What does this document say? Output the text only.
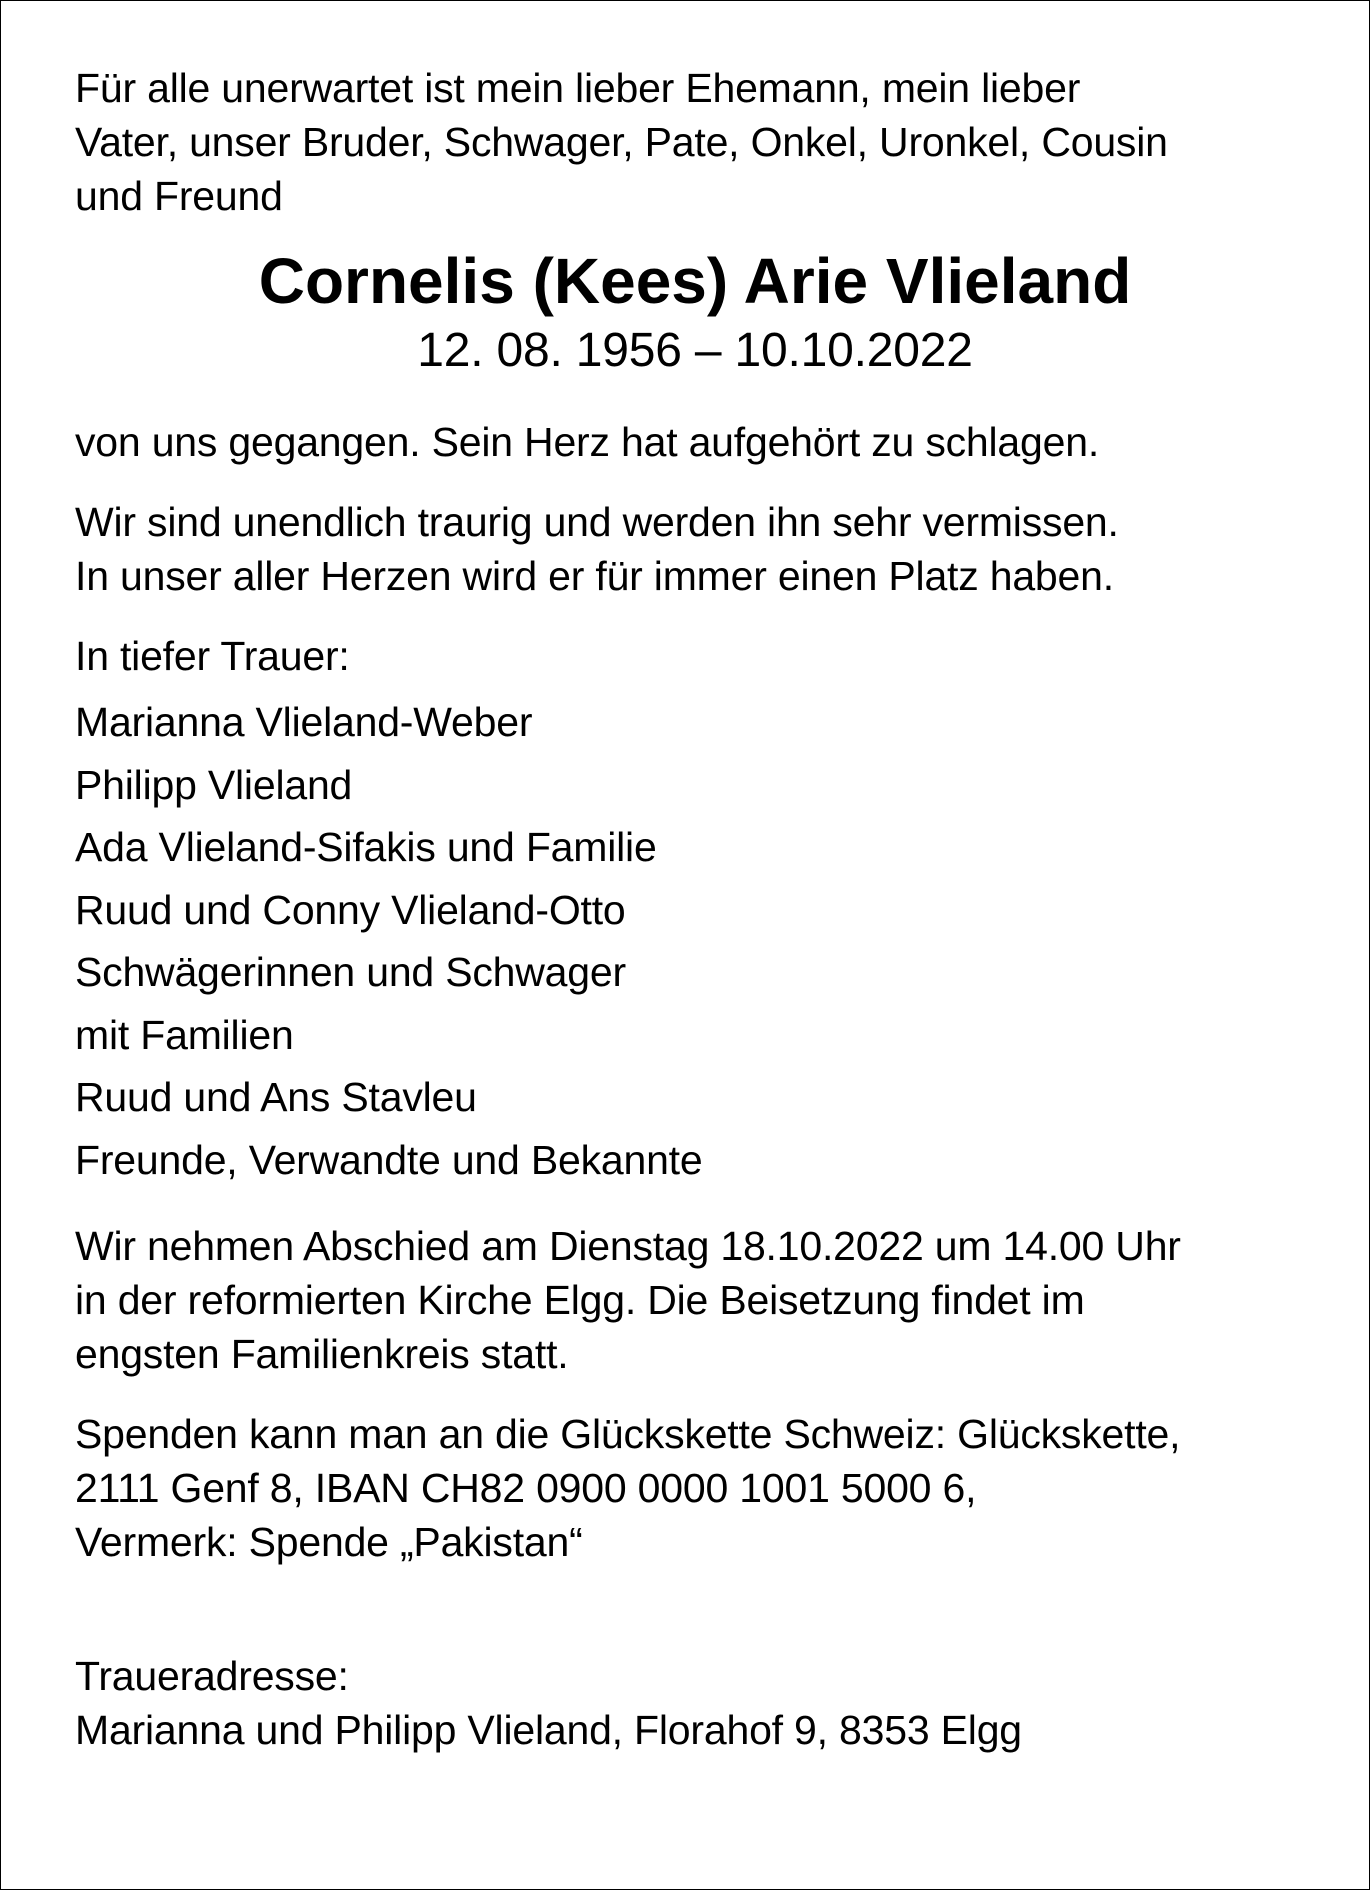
Für alle unerwartet ist mein lieber Ehemann, mein lieber
Vater, unser Bruder, Schwager, Pate, Onkel, Uronkel, Cousin
und Freund
Cornelis (Kees) Arie Vlieland
12. 08. 1956 – 10.10.2022

von uns gegangen. Sein Herz hat aufgehört zu schlagen.

Wir sind unendlich traurig und werden ihn sehr vermissen.
In unser aller Herzen wird er für immer einen Platz haben.

In tiefer Trauer:

Marianna Vlieland-Weber
Philipp Vlieland
Ada Vlieland-Sifakis und Familie
Ruud und Conny Vlieland-Otto
Schwägerinnen und Schwager
mit Familien
Ruud und Ans Stavleu
Freunde, Verwandte und Bekannte
Wir nehmen Abschied am Dienstag 18.10.2022 um 14.00 Uhr
in der reformierten Kirche Elgg. Die Beisetzung findet im
engsten Familienkreis statt.
Spenden kann man an die Glückskette Schweiz: Glückskette,
2111 Genf 8, IBAN CH82 0900 0000 1001 5000 6,
Vermerk: Spende „Pakistan“
Traueradresse:
Marianna und Philipp Vlieland, Florahof 9, 8353 Elgg
